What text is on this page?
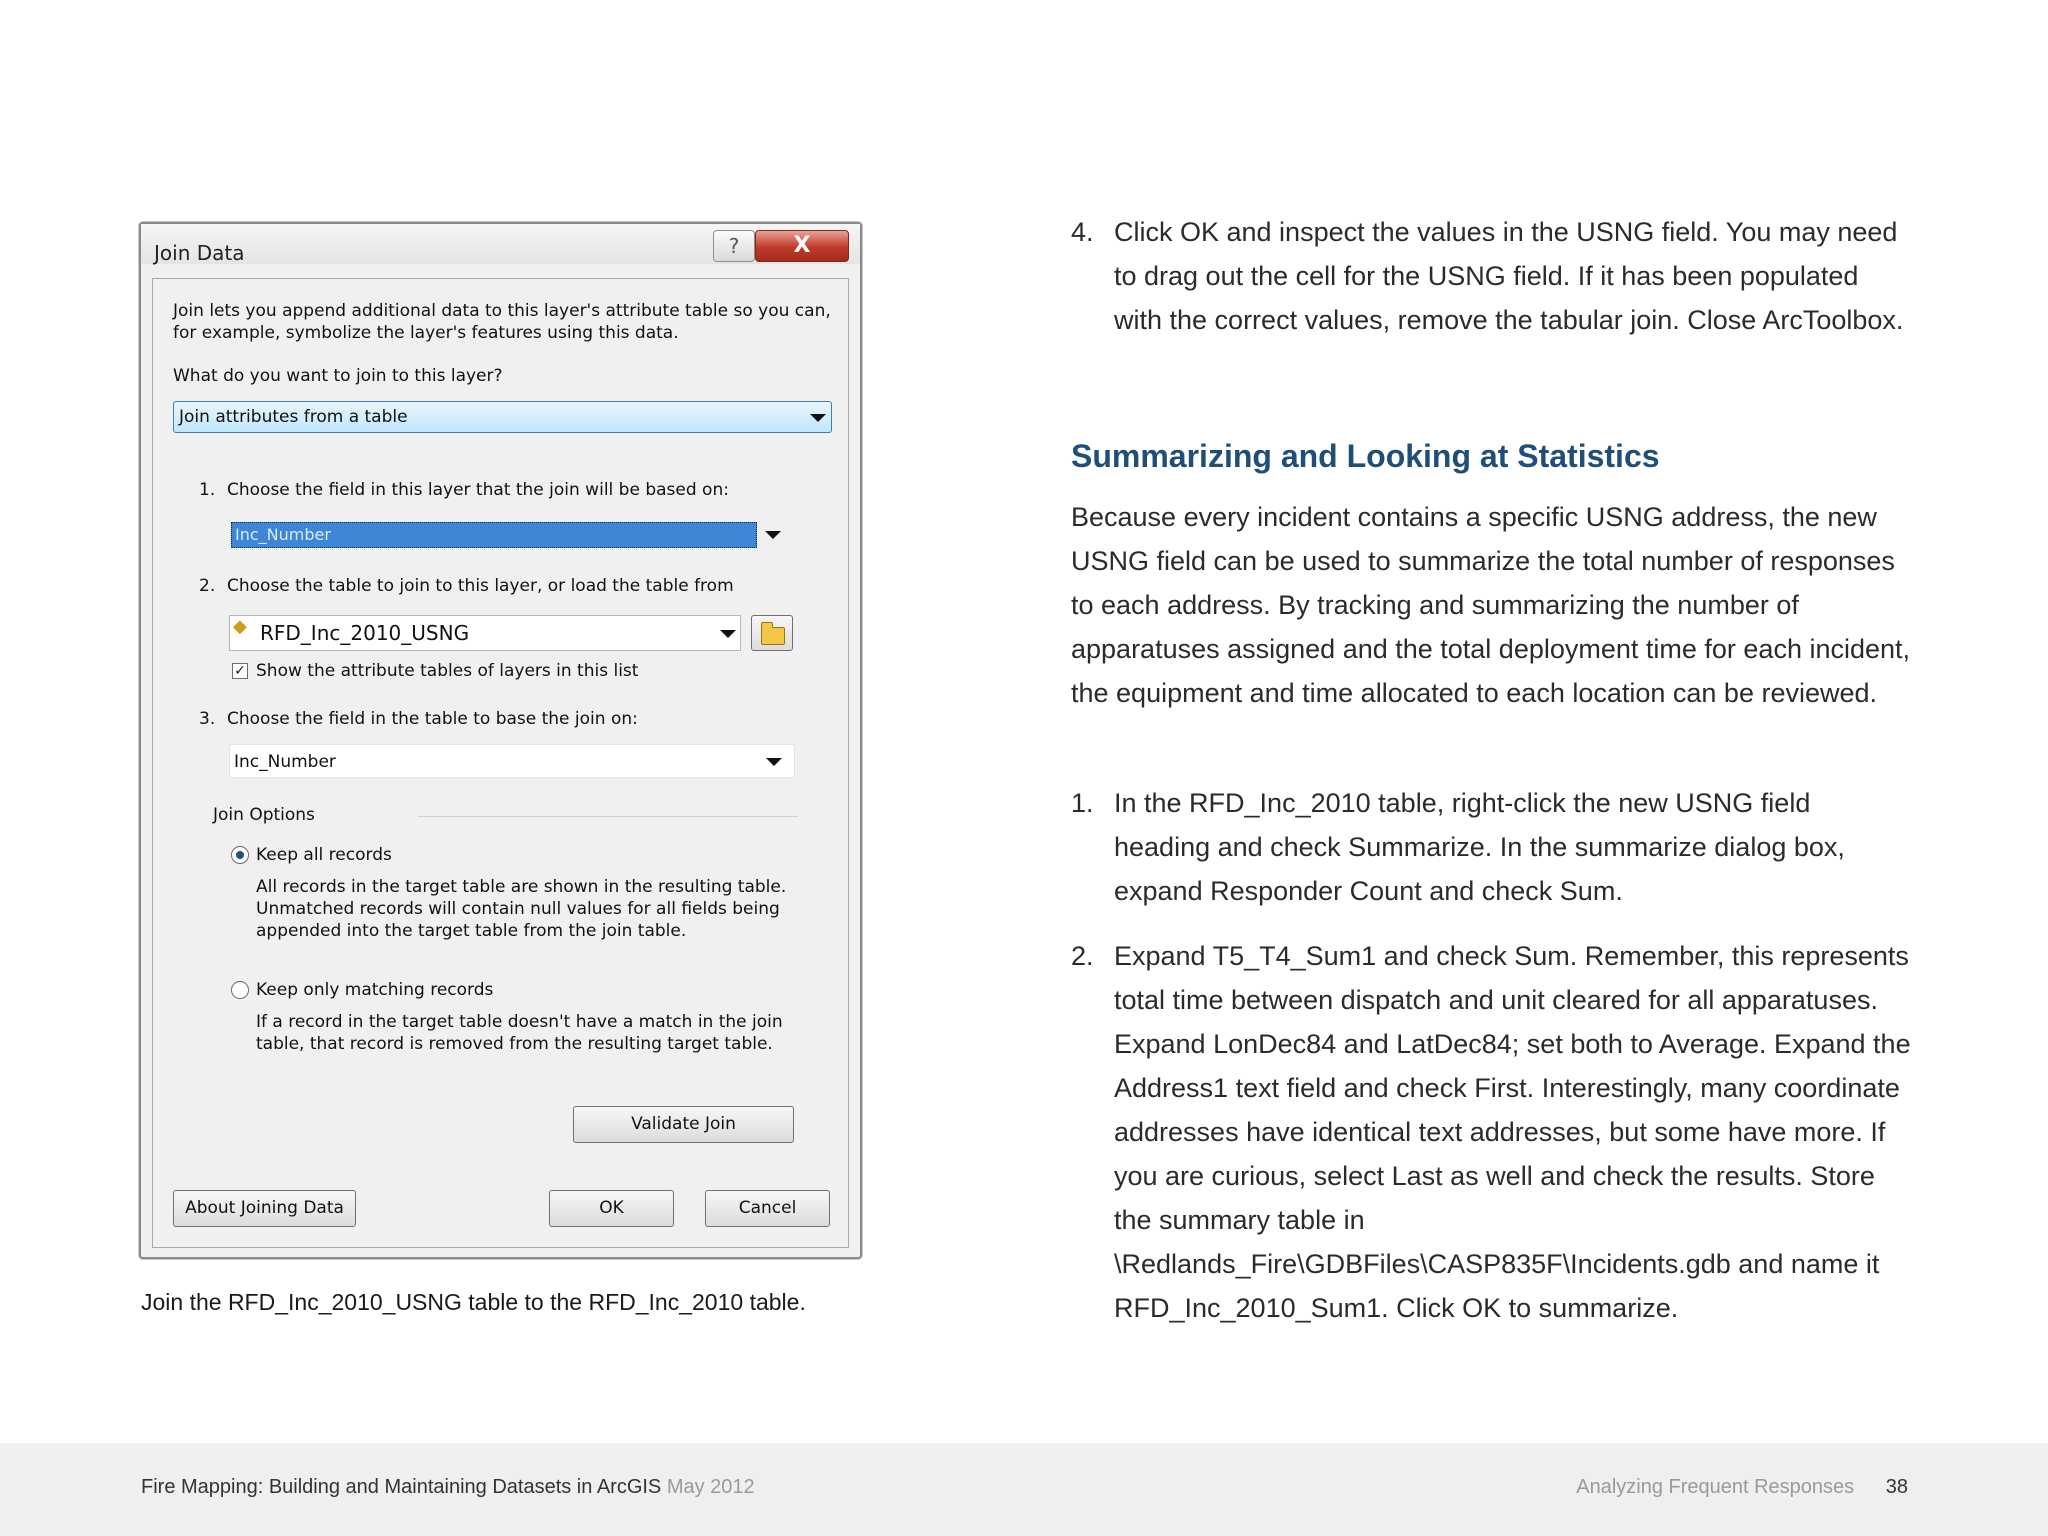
Join Data	?	X
Join lets you append additional data to this layer's attribute table so you can,
for example, symbolize the layer's features using this data.
What do you want to join to this layer?
Join attributes from a table
1. Choose the field in this layer that the join will be based on:
Inc_Number
2. Choose the table to join to this layer, or load the table from
◆ RFD_Inc_2010_USNG
✓ Show the attribute tables of layers in this list
3. Choose the field in the table to base the join on:
Inc_Number
Join Options
Keep all records
All records in the target table are shown in the resulting table.
Unmatched records will contain null values for all fields being
appended into the target table from the join table.
Keep only matching records
If a record in the target table doesn't have a match in the join
table, that record is removed from the resulting target table.
Validate Join
About Joining Data	OK	Cancel
Join the RFD_Inc_2010_USNG table to the RFD_Inc_2010 table.
4. Click OK and inspect the values in the USNG field. You may need to drag out the cell for the USNG field. If it has been populated with the correct values, remove the tabular join. Close ArcToolbox.
Summarizing and Looking at Statistics
Because every incident contains a specific USNG address, the new USNG field can be used to summarize the total number of responses to each address. By tracking and summarizing the number of apparatuses assigned and the total deployment time for each incident, the equipment and time allocated to each location can be reviewed.
1. In the RFD_Inc_2010 table, right-click the new USNG field heading and check Summarize. In the summarize dialog box, expand Responder Count and check Sum.
2. Expand T5_T4_Sum1 and check Sum. Remember, this represents total time between dispatch and unit cleared for all apparatuses. Expand LonDec84 and LatDec84; set both to Average. Expand the Address1 text field and check First. Interestingly, many coordinate addresses have identical text addresses, but some have more. If you are curious, select Last as well and check the results. Store the summary table in \Redlands_Fire\GDBFiles\CASP835F\Incidents.gdb and name it RFD_Inc_2010_Sum1. Click OK to summarize.
Fire Mapping: Building and Maintaining Datasets in ArcGIS May 2012	Analyzing Frequent Responses 38
